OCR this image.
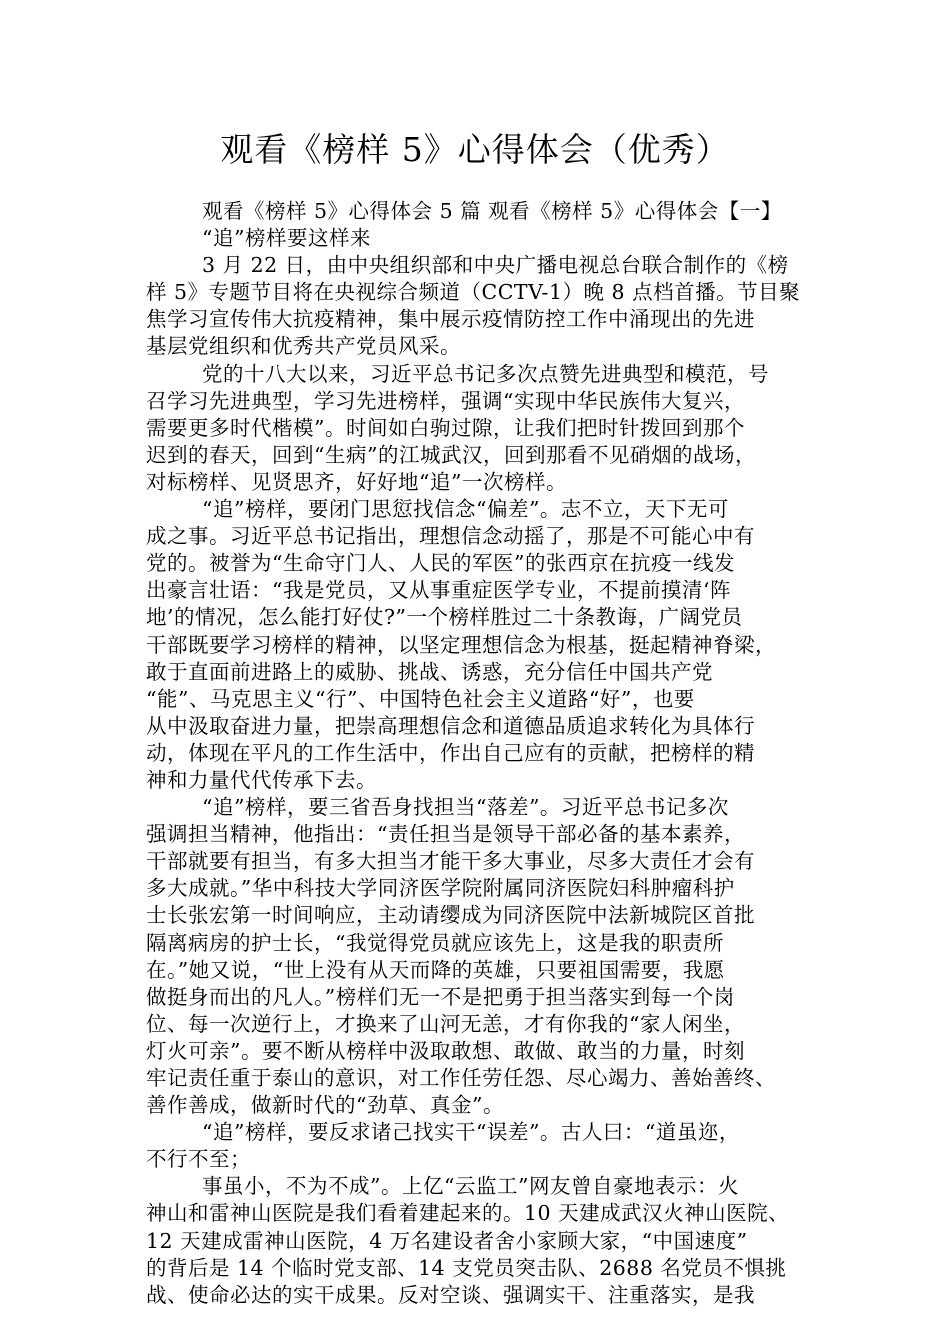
观看《榜样 5》心得体会（优秀）
观看《榜样 5》心得体会 5 篇 观看《榜样 5》心得体会【一】
“追”榜样要这样来
3 月 22 日，由中央组织部和中央广播电视总台联合制作的《榜
样 5》专题节目将在央视综合频道（CCTV-1）晚 8 点档首播。节目聚
焦学习宣传伟大抗疫精神，集中展示疫情防控工作中涌现出的先进
基层党组织和优秀共产党员风采。
党的十八大以来，习近平总书记多次点赞先进典型和模范，号
召学习先进典型，学习先进榜样，强调“实现中华民族伟大复兴，
需要更多时代楷模”。时间如白驹过隙，让我们把时针拨回到那个
迟到的春天，回到“生病”的江城武汉，回到那看不见硝烟的战场，
对标榜样、见贤思齐，好好地“追”一次榜样。
“追”榜样，要闭门思愆找信念“偏差”。志不立，天下无可
成之事。习近平总书记指出，理想信念动摇了，那是不可能心中有
党的。被誉为“生命守门人、人民的军医”的张西京在抗疫一线发
出豪言壮语：“我是党员，又从事重症医学专业，不提前摸清‘阵
地’的情况，怎么能打好仗?”一个榜样胜过二十条教诲，广阔党员
干部既要学习榜样的精神，以坚定理想信念为根基，挺起精神脊梁，
敢于直面前进路上的威胁、挑战、诱惑，充分信任中国共产党
“能”、马克思主义“行”、中国特色社会主义道路“好”，也要
从中汲取奋进力量，把崇高理想信念和道德品质追求转化为具体行
动，体现在平凡的工作生活中，作出自己应有的贡献，把榜样的精
神和力量代代传承下去。
“追”榜样，要三省吾身找担当“落差”。习近平总书记多次
强调担当精神，他指出：“责任担当是领导干部必备的基本素养，
干部就要有担当，有多大担当才能干多大事业，尽多大责任才会有
多大成就。”华中科技大学同济医学院附属同济医院妇科肿瘤科护
士长张宏第一时间响应，主动请缨成为同济医院中法新城院区首批
隔离病房的护士长，“我觉得党员就应该先上，这是我的职责所
在。”她又说，“世上没有从天而降的英雄，只要祖国需要，我愿
做挺身而出的凡人。”榜样们无一不是把勇于担当落实到每一个岗
位、每一次逆行上，才换来了山河无恙，才有你我的“家人闲坐，
灯火可亲”。要不断从榜样中汲取敢想、敢做、敢当的力量，时刻
牢记责任重于泰山的意识，对工作任劳任怨、尽心竭力、善始善终、
善作善成，做新时代的“劲草、真金”。
“追”榜样，要反求诸己找实干“误差”。古人曰：“道虽迩，
不行不至；
事虽小，不为不成”。上亿“云监工”网友曾自豪地表示：火
神山和雷神山医院是我们看着建起来的。10 天建成武汉火神山医院、
12 天建成雷神山医院，4 万名建设者舍小家顾大家，“中国速度”
的背后是 14 个临时党支部、14 支党员突击队、2688 名党员不惧挑
战、使命必达的实干成果。反对空谈、强调实干、注重落实，是我
